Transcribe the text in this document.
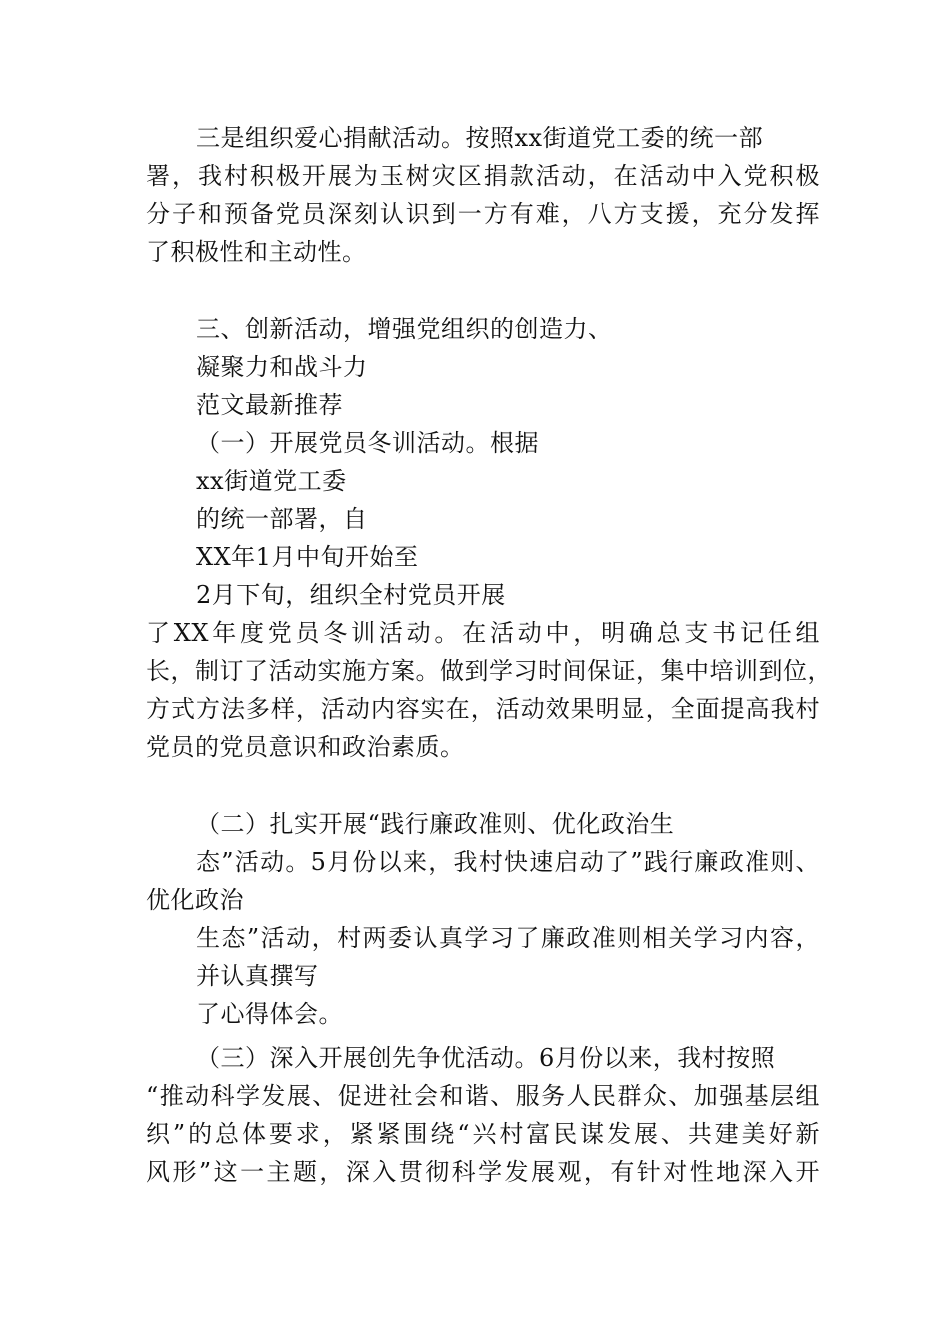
三是组织爱心捐献活动。按照xx街道党工委的统一部
署，我村积极开展为玉树灾区捐款活动，在活动中入党积极
分子和预备党员深刻认识到一方有难，八方支援，充分发挥
了积极性和主动性。
三、创新活动，增强党组织的创造力、
凝聚力和战斗力
范文最新推荐
（一）开展党员冬训活动。根据
xx街道党工委
的统一部署，自
XX年1月中旬开始至
2月下旬，组织全村党员开展
了XX年度党员冬训活动。在活动中，明确总支书记任组
长，制订了活动实施方案。做到学习时间保证，集中培训到位，
方式方法多样，活动内容实在，活动效果明显，全面提高我村
党员的党员意识和政治素质。
（二）扎实开展“践行廉政准则、优化政治生
态”活动。5月份以来，我村快速启动了”践行廉政准则、
优化政治
生态”活动，村两委认真学习了廉政准则相关学习内容，
并认真撰写
了心得体会。
（三）深入开展创先争优活动。6月份以来，我村按照
“推动科学发展、促进社会和谐、服务人民群众、加强基层组
织”的总体要求，紧紧围绕“兴村富民谋发展、共建美好新
风形”这一主题，深入贯彻科学发展观，有针对性地深入开
